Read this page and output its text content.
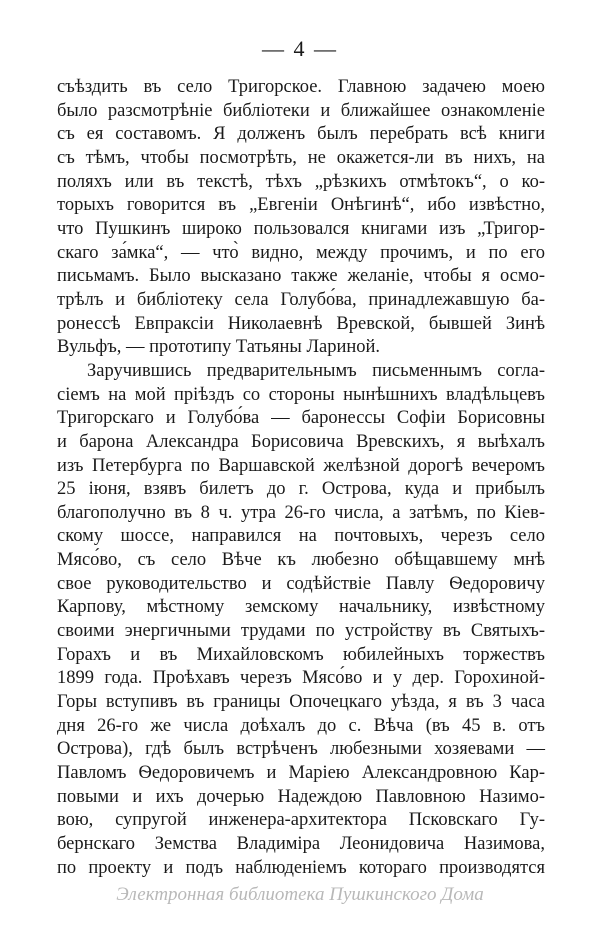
— 4 —
съѣздить въ село Тригорское. Главною задачею моею
было разсмотрѣніе библіотеки и ближайшее ознакомленіе
съ ея составомъ. Я долженъ былъ перебрать всѣ книги
съ тѣмъ, чтобы посмотрѣть, не окажется-ли въ нихъ, на
поляхъ или въ текстѣ, тѣхъ „рѣзкихъ отмѣтокъ“, о ко-
торыхъ говорится въ „Евгеніи Онѣгинѣ“, ибо извѣстно,
что Пушкинъ широко пользовался книгами изъ „Тригор-
скаго за́мка“, — что̀ видно, между прочимъ, и по его
письмамъ. Было высказано также желаніе, чтобы я осмо-
трѣлъ и библіотеку села Голубо́ва, принадлежавшую ба-
ронессѣ Евпраксіи Николаевнѣ Вревской, бывшей Зинѣ
Вульфъ, — прототипу Татьяны Лариной.
Заручившись предварительнымъ письменнымъ согла-
сіемъ на мой пріѣздъ со стороны нынѣшнихъ владѣльцевъ
Тригорскаго и Голубо́ва — баронессы Софіи Борисовны
и барона Александра Борисовича Вревскихъ, я выѣхалъ
изъ Петербурга по Варшавской желѣзной дорогѣ вечеромъ
25 іюня, взявъ билетъ до г. Острова, куда и прибылъ
благополучно въ 8 ч. утра 26-го числа, а затѣмъ, по Кіев-
скому шоссе, направился на почтовыхъ, черезъ село
Мясо́во, съ село Вѣче къ любезно обѣщавшему мнѣ
свое руководительство и содѣйствіе Павлу Ѳедоровичу
Карпову, мѣстному земскому начальнику, извѣстному
своими энергичными трудами по устройству въ Святыхъ-
Горахъ и въ Михайловскомъ юбилейныхъ торжествъ
1899 года. Проѣхавъ черезъ Мясо́во и у дер. Горохиной-
Горы вступивъ въ границы Опочецкаго уѣзда, я въ 3 часа
дня 26-го же числа доѣхалъ до с. Вѣча (въ 45 в. отъ
Острова), гдѣ былъ встрѣченъ любезными хозяевами —
Павломъ Ѳедоровичемъ и Маріею Александровною Кар-
повыми и ихъ дочерью Надеждою Павловною Назимо-
вою, супругой инженера-архитектора Псковскаго Гу-
бернскаго Земства Владиміра Леонидовича Назимова,
по проекту и подъ наблюденіемъ котораго производятся
Электронная библиотека Пушкинского Дома
